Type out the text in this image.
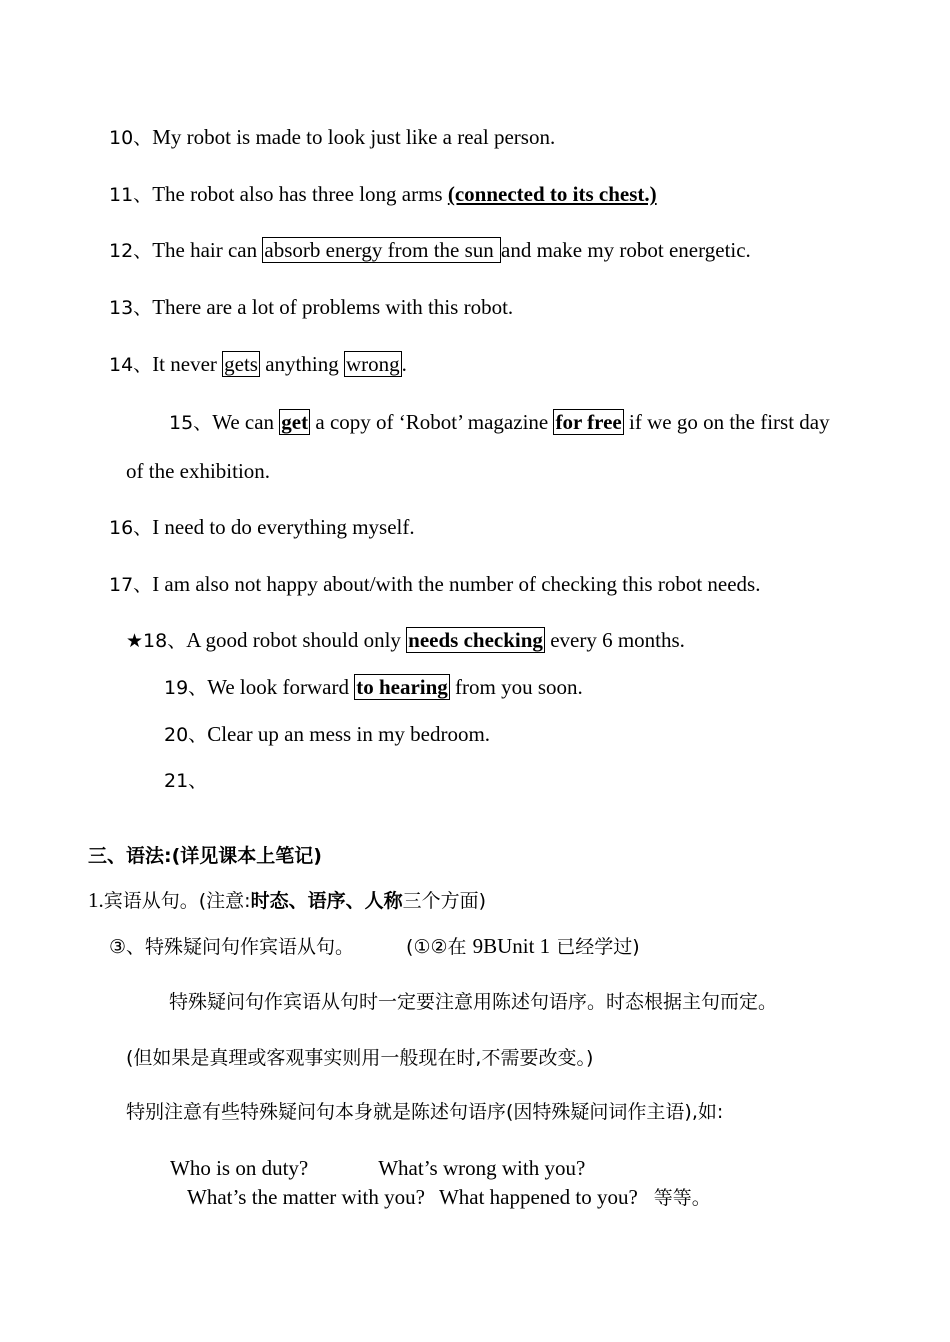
10、My robot is made to look just like a real person.
11、The robot also has three long arms (connected to its chest.)
12、The hair can absorb energy from the sun and make my robot energetic.
13、There are a lot of problems with this robot.
14、It never gets anything wrong.
15、We can get a copy of ‘Robot’ magazine for free if we go on the first day
of the exhibition.
16、I need to do everything myself.
17、I am also not happy about/with the number of checking this robot needs.
★18、A good robot should only needs checking every 6 months.
19、We look forward to hearing from you soon.
20、Clear up an mess in my bedroom.
21、
三、语法:(详见课本上笔记)
1.宾语从句。(注意:时态、语序、人称三个方面)
③、特殊疑问句作宾语从句。	(①②在 9BUnit 1 已经学过)
特殊疑问句作宾语从句时一定要注意用陈述句语序。时态根据主句而定。
(但如果是真理或客观事实则用一般现在时,不需要改变。)
特别注意有些特殊疑问句本身就是陈述句语序(因特殊疑问词作主语),如:
Who is on duty?	What’s wrong with you?
What’s the matter with you? What happened to you? 等等。
